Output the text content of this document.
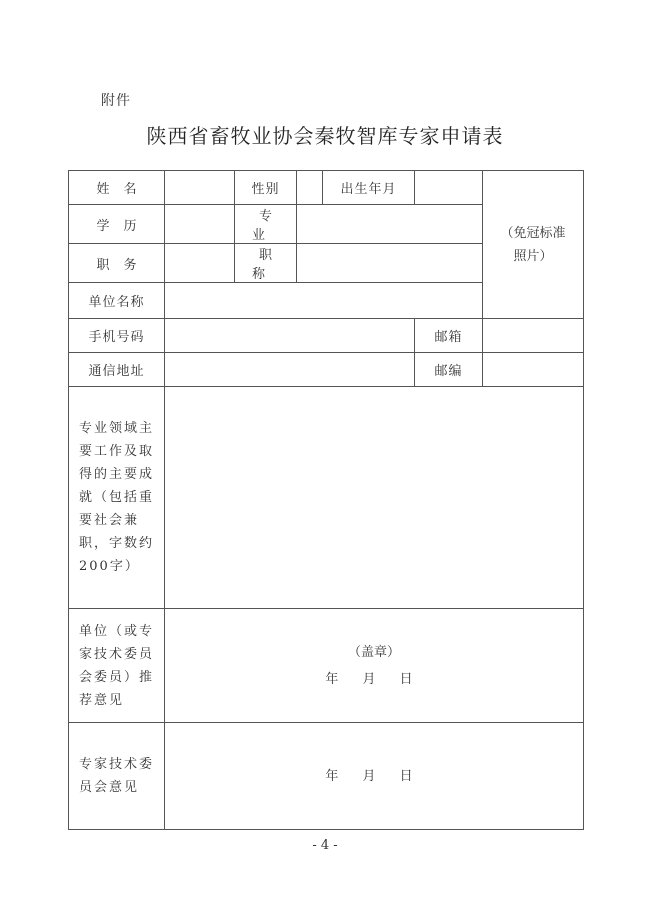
附件
陕西省畜牧业协会秦牧智库专家申请表
姓名		性别		出生年月		（免冠标准
照片）

学历		专业				
职务		职称				
单位名称						
手机号码					邮箱	
通信地址					邮编	
专业领域主要工作及取得的主要成就（包括重要社会兼职，字数约200字）						
单位（或专家技术委员会委员）推荐意见	（盖章）
年 月 日					

专家技术委员会意见	年 月 日					
- 4 -
